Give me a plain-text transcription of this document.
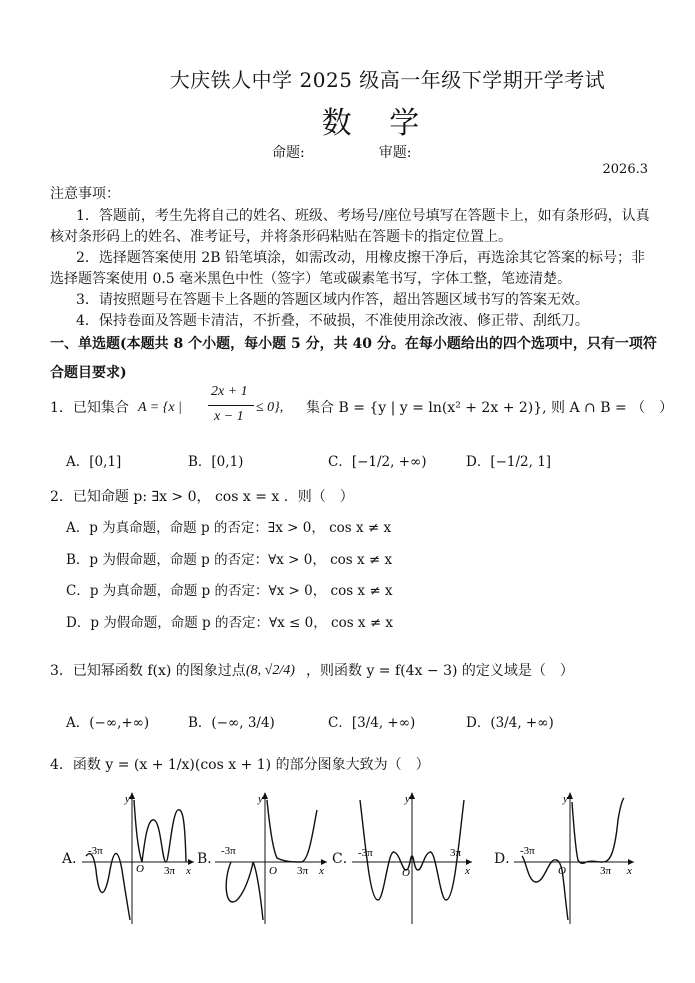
大庆铁人中学 2025 级高一年级下学期开学考试
数 学
命题:	审题:
2026.3
注意事项：
1．答题前，考生先将自己的姓名、班级、考场号/座位号填写在答题卡上，如有条形码，认真
核对条形码上的姓名、准考证号，并将条形码粘贴在答题卡的指定位置上。
2．选择题答案使用 2B 铅笔填涂，如需改动，用橡皮擦干净后，再选涂其它答案的标号；非
选择题答案使用 0.5 毫米黑色中性（签字）笔或碳素笔书写，字体工整，笔迹清楚。
3．请按照题号在答题卡上各题的答题区域内作答，超出答题区域书写的答案无效。
4．保持卷面及答题卡清洁，不折叠，不破损，不准使用涂改液、修正带、刮纸刀。
一、单选题(本题共 8 个小题，每小题 5 分，共 40 分。在每小题给出的四个选项中，只有一项符
合题目要求)
1．已知集合 A = {x |
2x + 1
x − 1
≤ 0}, 集合 B = {y | y = ln(x² + 2x + 2)}, 则 A ∩ B = （　）
A．[0,1]	B．[0,1)	C．[−1/2, +∞)	D．[−1/2, 1]
2．已知命题 p: ∃x > 0， cos x = x ．则（　）
A．p 为真命题，命题 p 的否定：∃x > 0， cos x ≠ x
B．p 为假命题，命题 p 的否定：∀x > 0， cos x ≠ x
C．p 为真命题，命题 p 的否定：∀x > 0， cos x ≠ x
D．p 为假命题，命题 p 的否定：∀x ≤ 0， cos x ≠ x
3．已知幂函数 f(x) 的图象过点 (8, √2/4) ，则函数 y = f(4x − 3) 的定义域是（　）
A．(−∞,+∞)	B．(−∞, 3/4)	C．[3/4, +∞)	D．(3/4, +∞)
4．函数 y = (x + 1/x)(cos x + 1) 的部分图象大致为（　）
A．	B．	C．	D．
-3π
3π
O
y
x
-3π
3π
O
y
x
-3π	3π
O
y
x
-3π
3π
O
y
x
